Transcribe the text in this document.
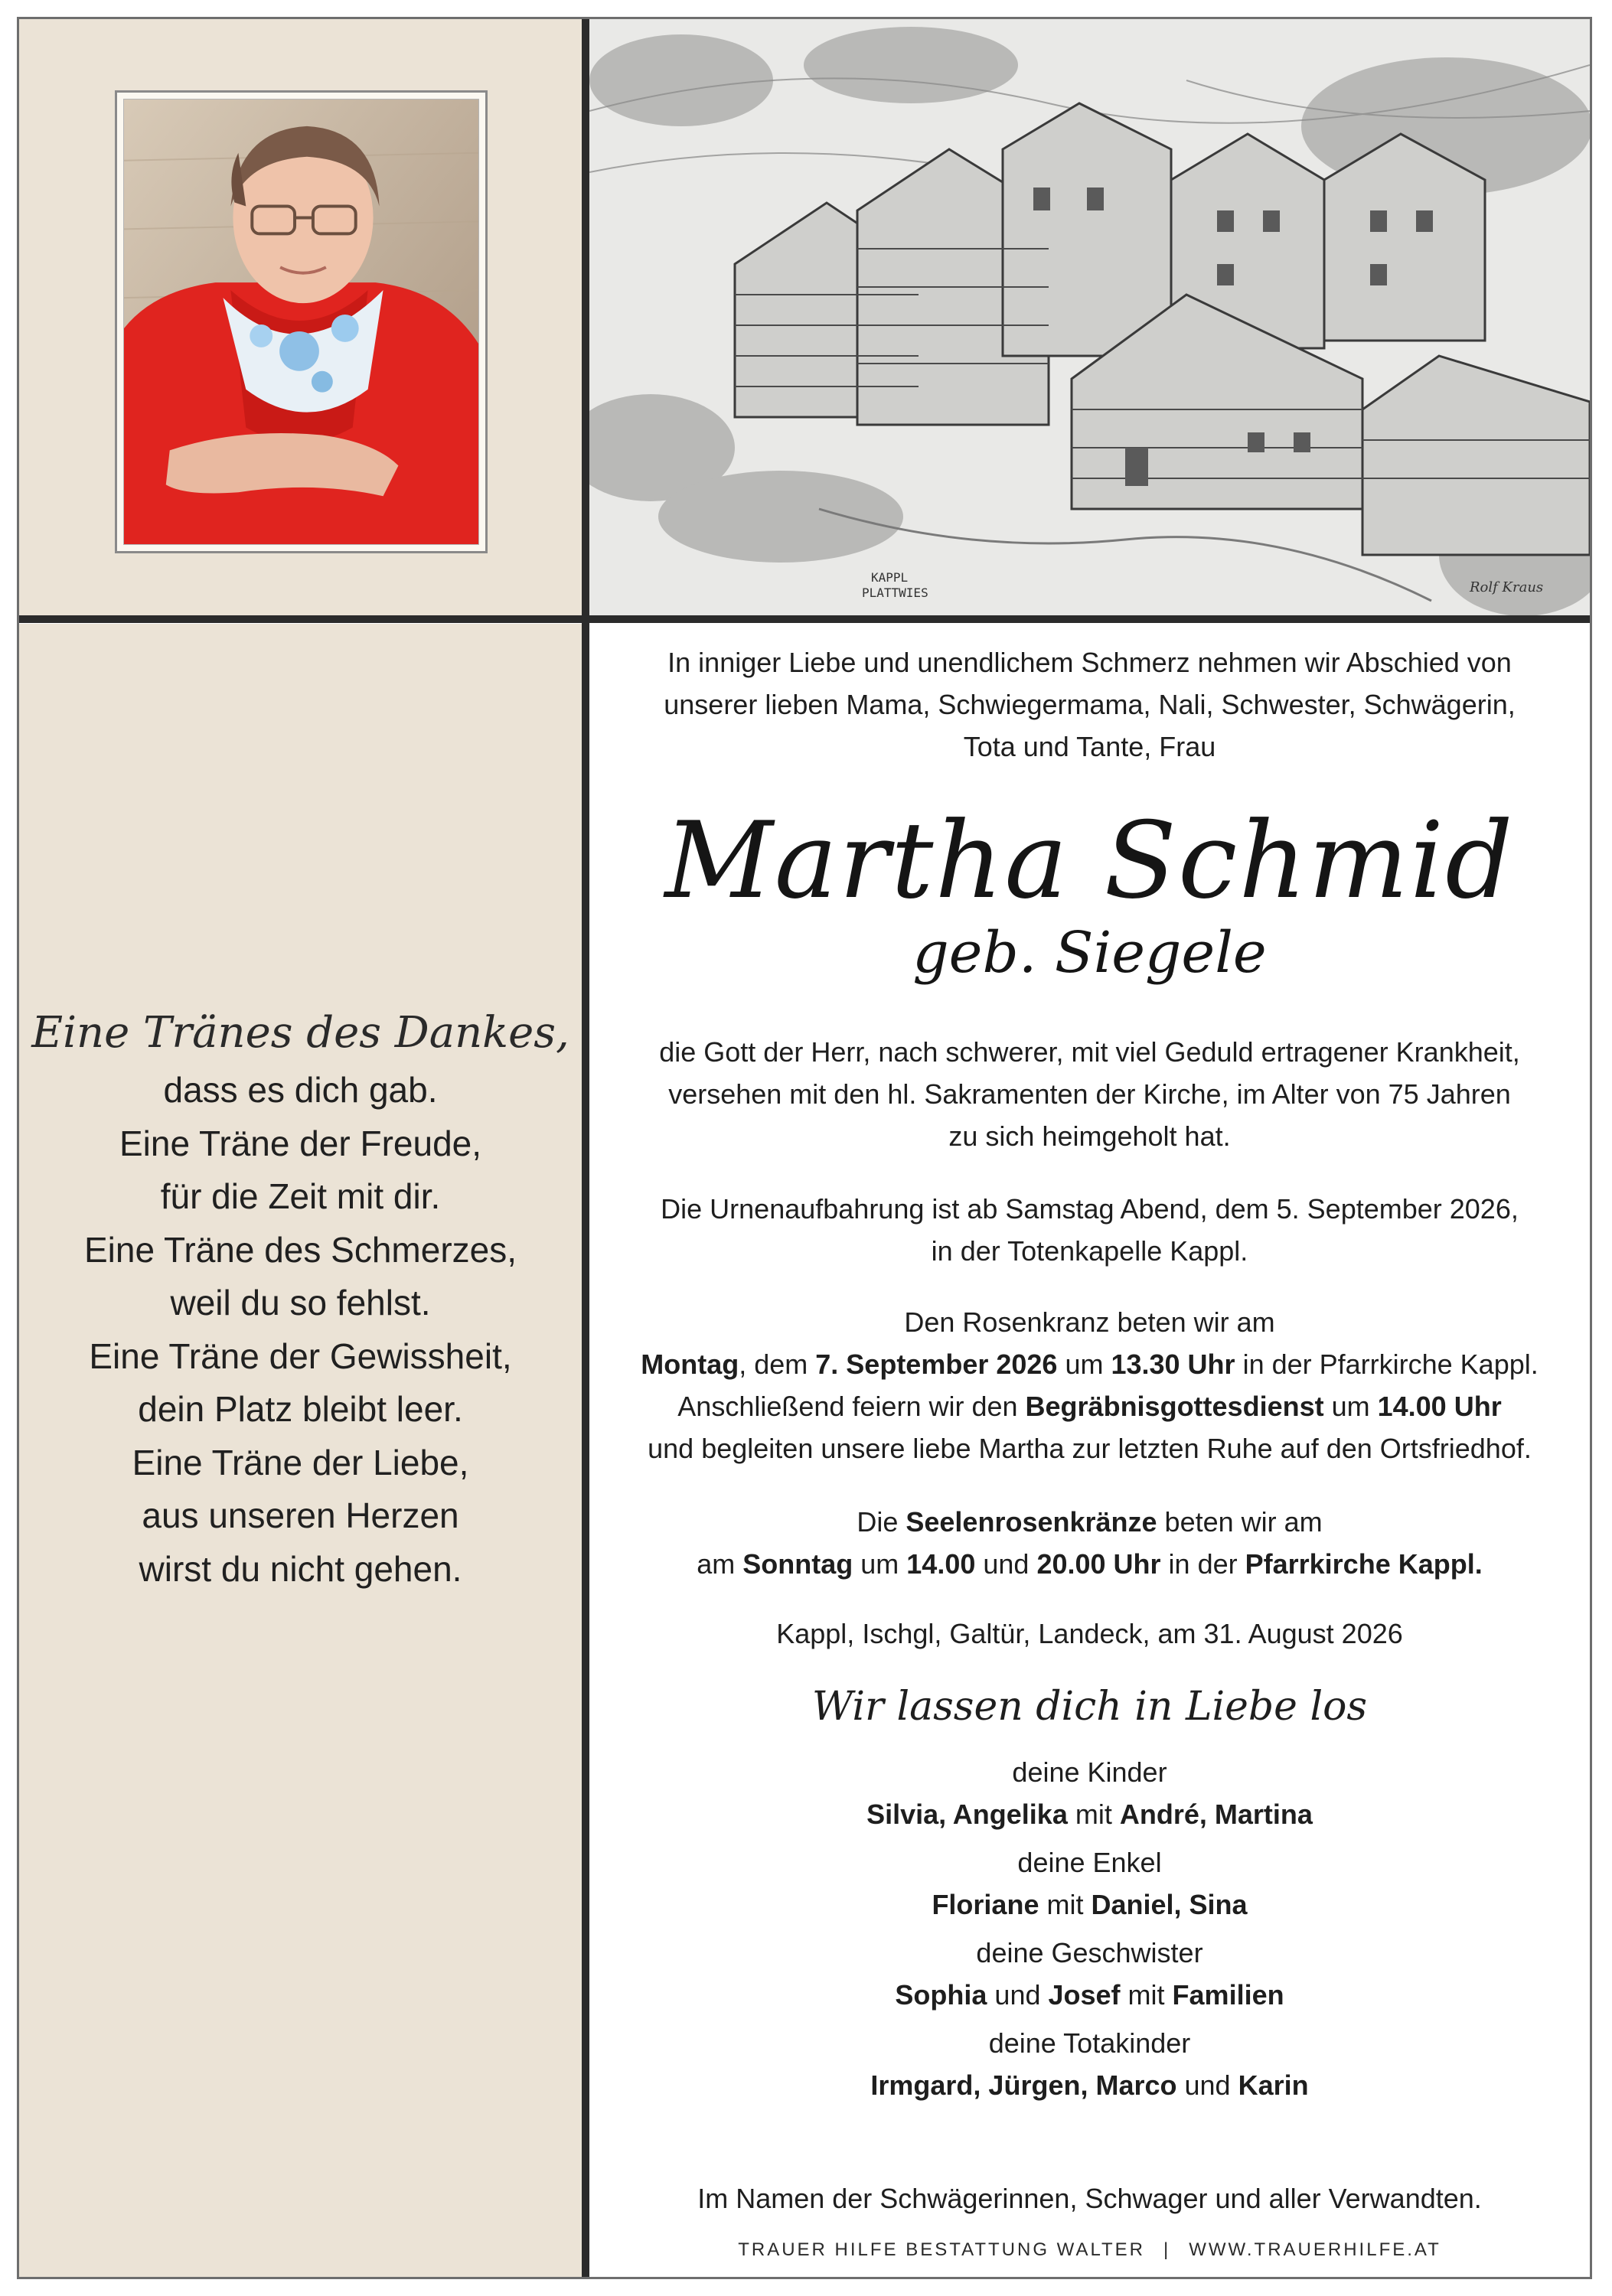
KAPPL
PLATTWIES	Rolf Kraus
Eine Tränes des Dankes,
dass es dich gab.
Eine Träne der Freude,
für die Zeit mit dir.
Eine Träne des Schmerzes,
weil du so fehlst.
Eine Träne der Gewissheit,
dein Platz bleibt leer.
Eine Träne der Liebe,
aus unseren Herzen
wirst du nicht gehen.
In inniger Liebe und unendlichem Schmerz nehmen wir Abschied von
unserer lieben Mama, Schwiegermama, Nali, Schwester, Schwägerin,
Tota und Tante, Frau
Martha Schmid
geb. Siegele
die Gott der Herr, nach schwerer, mit viel Geduld ertragener Krankheit,
versehen mit den hl. Sakramenten der Kirche, im Alter von 75 Jahren
zu sich heimgeholt hat.
Die Urnenaufbahrung ist ab Samstag Abend, dem 5. September 2026,
in der Totenkapelle Kappl.
Den Rosenkranz beten wir am
Montag, dem 7. September 2026 um 13.30 Uhr in der Pfarrkirche Kappl.
Anschließend feiern wir den Begräbnisgottesdienst um 14.00 Uhr
und begleiten unsere liebe Martha zur letzten Ruhe auf den Ortsfriedhof.
Die Seelenrosenkränze beten wir am
am Sonntag um 14.00 und 20.00 Uhr in der Pfarrkirche Kappl.
Kappl, Ischgl, Galtür, Landeck, am 31. August 2026
Wir lassen dich in Liebe los
deine Kinder
Silvia, Angelika mit André, Martina
deine Enkel
Floriane mit Daniel, Sina
deine Geschwister
Sophia und Josef mit Familien
deine Totakinder
Irmgard, Jürgen, Marco und Karin
Im Namen der Schwägerinnen, Schwager und aller Verwandten.
TRAUER HILFE BESTATTUNG WALTER | WWW.TRAUERHILFE.AT
